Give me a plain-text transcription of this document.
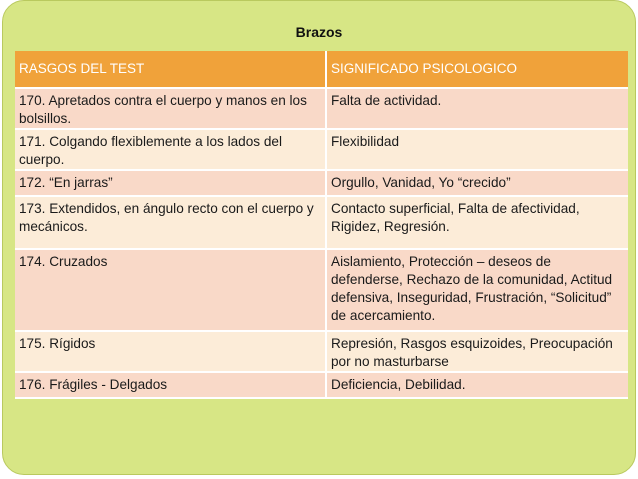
Brazos
RASGOS DEL TEST	SIGNIFICADO PSICOLOGICO
170. Apretados contra el cuerpo y manos en los bolsillos.	Falta de actividad.
171. Colgando flexiblemente a los lados del cuerpo.	Flexibilidad
172. “En jarras”	Orgullo, Vanidad, Yo “crecido”
173. Extendidos, en ángulo recto con el cuerpo y mecánicos.	Contacto superficial, Falta de afectividad, Rigidez, Regresión.
174. Cruzados	Aislamiento, Protección – deseos de defenderse, Rechazo de la comunidad, Actitud defensiva, Inseguridad, Frustración, “Solicitud” de acercamiento.
175. Rígidos	Represión, Rasgos esquizoides, Preocupación por no masturbarse
176. Frágiles - Delgados	Deficiencia, Debilidad.
